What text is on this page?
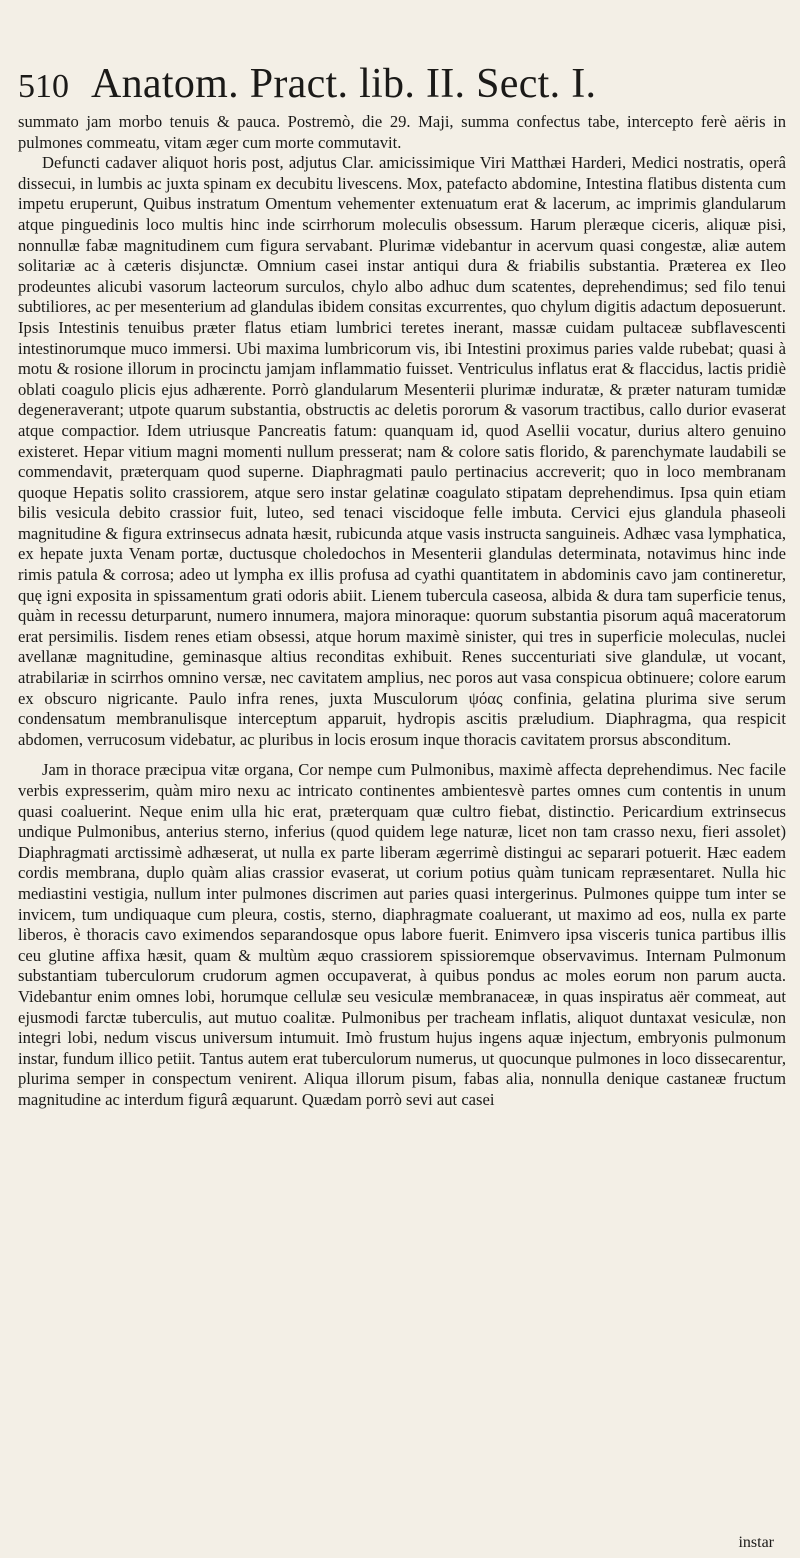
510 Anatom. Pract. lib. II. Sect. I.

summato jam morbo tenuis & pauca. Postremò, die 29. Maji, summa confectus tabe, intercepto ferè aëris in pulmones commeatu, vitam æger cum morte commutavit.

Defuncti cadaver aliquot horis post, adjutus Clar. amicissimique Viri Matthæi Harderi, Medici nostratis, operâ dissecui, in lumbis ac juxta spinam ex decubitu livescens. Mox, patefacto abdomine, Intestina flatibus distenta cum impetu eruperunt, Quibus instratum Omentum vehementer extenuatum erat & lacerum, ac imprimis glandularum atque pinguedinis loco multis hinc inde scirrhorum moleculis obsessum. Harum pleræque ciceris, aliquæ pisi, nonnullæ fabæ magnitudinem cum figura servabant. Plurimæ videbantur in acervum quasi congestæ, aliæ autem solitariæ ac à cæteris disjunctæ. Omnium casei instar antiqui dura & friabilis substantia. Præterea ex Ileo prodeuntes alicubi vasorum lacteorum surculos, chylo albo adhuc dum scatentes, deprehendimus; sed filo tenui subtiliores, ac per mesenterium ad glandulas ibidem consitas excurrentes, quo chylum digitis adactum deposuerunt. Ipsis Intestinis tenuibus præter flatus etiam lumbrici teretes inerant, massæ cuidam pultaceæ subflavescenti intestinorumque muco immersi. Ubi maxima lumbricorum vis, ibi Intestini proximus paries valde rubebat; quasi à motu & rosione illorum in procinctu jamjam inflammatio fuisset. Ventriculus inflatus erat & flaccidus, lactis pridiè oblati coagulo plicis ejus adhærente. Porrò glandularum Mesenterii plurimæ induratæ, & præter naturam tumidæ degeneraverant; utpote quarum substantia, obstructis ac deletis pororum & vasorum tractibus, callo durior evaserat atque compactior. Idem utriusque Pancreatis fatum: quanquam id, quod Asellii vocatur, durius altero genuino existeret. Hepar vitium magni momenti nullum presserat; nam & colore satis florido, & parenchymate laudabili se commendavit, præterquam quod superne. Diaphragmati paulo pertinacius accreverit; quo in loco membranam quoque Hepatis solito crassiorem, atque sero instar gelatinæ coagulato stipatam deprehendimus. Ipsa quin etiam bilis vesicula debito crassior fuit, luteo, sed tenaci viscidoque felle imbuta. Cervici ejus glandula phaseoli magnitudine & figura extrinsecus adnata hæsit, rubicunda atque vasis instructa sanguineis. Adhæc vasa lymphatica, ex hepate juxta Venam portæ, ductusque choledochos in Mesenterii glandulas determinata, notavimus hinc inde rimis patula & corrosa; adeo ut lympha ex illis profusa ad cyathi quantitatem in abdominis cavo jam contineretur, quę igni exposita in spissamentum grati odoris abiit. Lienem tubercula caseosa, albida & dura tam superficie tenus, quàm in recessu deturparunt, numero innumera, majora minoraque: quorum substantia pisorum aquâ maceratorum erat persimilis. Iisdem renes etiam obsessi, atque horum maximè sinister, qui tres in superficie moleculas, nuclei avellanæ magnitudine, geminasque altius reconditas exhibuit. Renes succenturiati sive glandulæ, ut vocant, atrabilariæ in scirrhos omnino versæ, nec cavitatem amplius, nec poros aut vasa conspicua obtinuere; colore earum ex obscuro nigricante. Paulo infra renes, juxta Musculorum ψόας confinia, gelatina plurima sive serum condensatum membranulisque interceptum apparuit, hydropis ascitis præludium. Diaphragma, qua respicit abdomen, verrucosum videbatur, ac pluribus in locis erosum inque thoracis cavitatem prorsus absconditum.

Jam in thorace præcipua vitæ organa, Cor nempe cum Pulmonibus, maximè affecta deprehendimus. Nec facile verbis expresserim, quàm miro nexu ac intricato continentes ambientesvè partes omnes cum contentis in unum quasi coaluerint. Neque enim ulla hic erat, præterquam quæ cultro fiebat, distinctio. Pericardium extrinsecus undique Pulmonibus, anterius sterno, inferius (quod quidem lege naturæ, licet non tam crasso nexu, fieri assolet) Diaphragmati arctissimè adhæserat, ut nulla ex parte liberam ægerrimè distingui ac separari potuerit. Hæc eadem cordis membrana, duplo quàm alias crassior evaserat, ut corium potius quàm tunicam repræsentaret. Nulla hic mediastini vestigia, nullum inter pulmones discrimen aut paries quasi intergerinus. Pulmones quippe tum inter se invicem, tum undiquaque cum pleura, costis, sterno, diaphragmate coaluerant, ut maximo ad eos, nulla ex parte liberos, è thoracis cavo eximendos separandosque opus labore fuerit. Enimvero ipsa visceris tunica partibus illis ceu glutine affixa hæsit, quam & multùm æquo crassiorem spissioremque observavimus. Internam Pulmonum substantiam tuberculorum crudorum agmen occupaverat, à quibus pondus ac moles eorum non parum aucta. Videbantur enim omnes lobi, horumque cellulæ seu vesiculæ membranaceæ, in quas inspiratus aër commeat, aut ejusmodi farctæ tuberculis, aut mutuo coalitæ. Pulmonibus per tracheam inflatis, aliquot duntaxat vesiculæ, non integri lobi, nedum viscus universum intumuit. Imò frustum hujus ingens aquæ injectum, embryonis pulmonum instar, fundum illico petiit. Tantus autem erat tuberculorum numerus, ut quocunque pulmones in loco dissecarentur, plurima semper in conspectum venirent. Aliqua illorum pisum, fabas alia, nonnulla denique castaneæ fructum magnitudine ac interdum figurâ æquarunt. Quædam porrò sevi aut casei

instar
